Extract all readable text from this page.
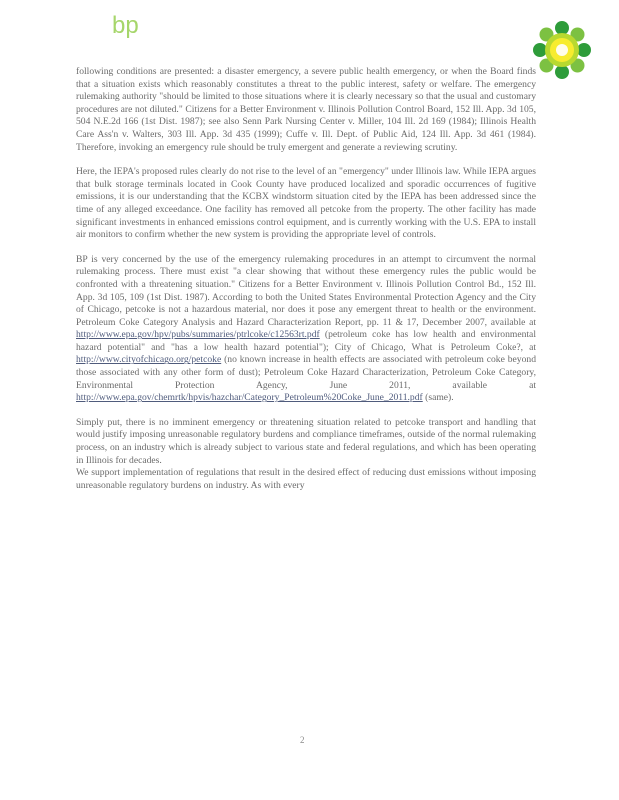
bp

following conditions are presented: a disaster emergency, a severe public health emergency, or when the Board finds that a situation exists which reasonably constitutes a threat to the public interest, safety or welfare. The emergency rulemaking authority "should be limited to those situations where it is clearly necessary so that the usual and customary procedures are not diluted." Citizens for a Better Environment v. Illinois Pollution Control Board, 152 Ill. App. 3d 105, 504 N.E.2d 166 (1st Dist. 1987); see also Senn Park Nursing Center v. Miller, 104 Ill. 2d 169 (1984); Illinois Health Care Ass'n v. Walters, 303 Ill. App. 3d 435 (1999); Cuffe v. Ill. Dept. of Public Aid, 124 Ill. App. 3d 461 (1984). Therefore, invoking an emergency rule should be truly emergent and generate a reviewing scrutiny.

Here, the IEPA's proposed rules clearly do not rise to the level of an "emergency" under Illinois law. While IEPA argues that bulk storage terminals located in Cook County have produced localized and sporadic occurrences of fugitive emissions, it is our understanding that the KCBX windstorm situation cited by the IEPA has been addressed since the time of any alleged exceedance. One facility has removed all petcoke from the property. The other facility has made significant investments in enhanced emissions control equipment, and is currently working with the U.S. EPA to install air monitors to confirm whether the new system is providing the appropriate level of controls.

BP is very concerned by the use of the emergency rulemaking procedures in an attempt to circumvent the normal rulemaking process. There must exist "a clear showing that without these emergency rules the public would be confronted with a threatening situation." Citizens for a Better Environment v. Illinois Pollution Control Bd., 152 Ill. App. 3d 105, 109 (1st Dist. 1987). According to both the United States Environmental Protection Agency and the City of Chicago, petcoke is not a hazardous material, nor does it pose any emergent threat to health or the environment. Petroleum Coke Category Analysis and Hazard Characterization Report, pp. 11 & 17, December 2007, available at http://www.epa.gov/hpv/pubs/summaries/ptrlcoke/c12563rt.pdf (petroleum coke has low health and environmental hazard potential" and "has a low health hazard potential"); City of Chicago, What is Petroleum Coke?, at http://www.cityofchicago.org/petcoke (no known increase in health effects are associated with petroleum coke beyond those associated with any other form of dust); Petroleum Coke Hazard Characterization, Petroleum Coke Category, Environmental Protection Agency, June 2011, available at http://www.epa.gov/chemrtk/hpvis/hazchar/Category_Petroleum%20Coke_June_2011.pdf (same).

Simply put, there is no imminent emergency or threatening situation related to petcoke transport and handling that would justify imposing unreasonable regulatory burdens and compliance timeframes, outside of the normal rulemaking process, on an industry which is already subject to various state and federal regulations, and which has been operating in Illinois for decades.

We support implementation of regulations that result in the desired effect of reducing dust emissions without imposing unreasonable regulatory burdens on industry. As with every

2
